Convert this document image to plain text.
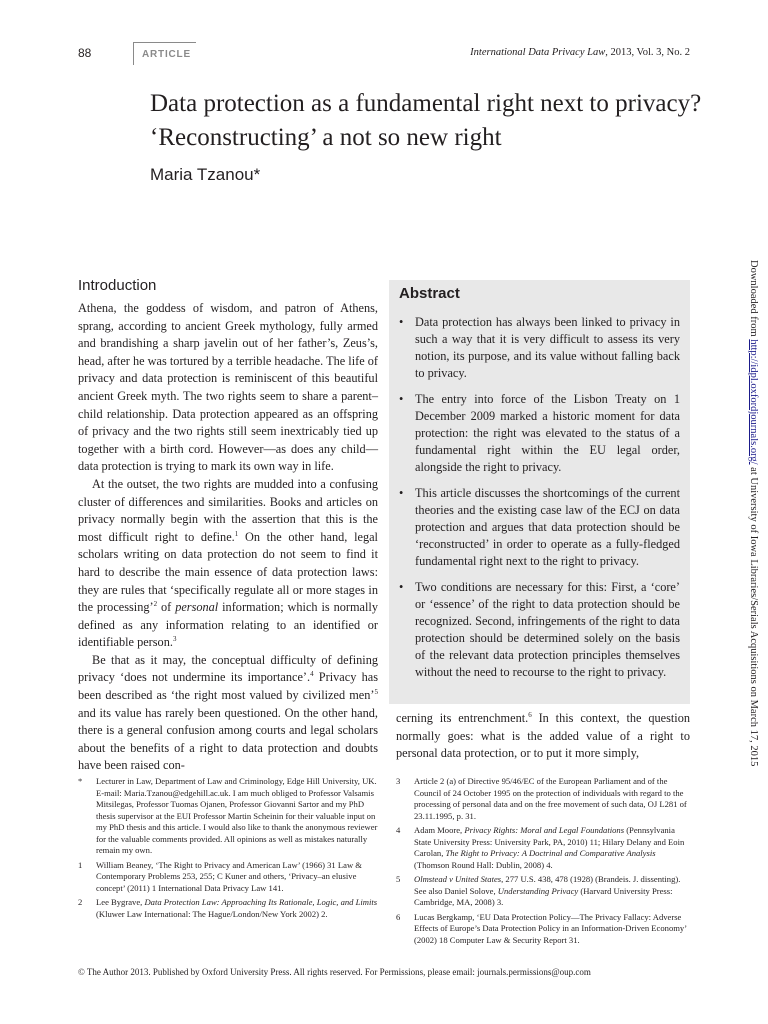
88	ARTICLE	International Data Privacy Law, 2013, Vol. 3, No. 2
Data protection as a fundamental right next to privacy? ‘Reconstructing’ a not so new right
Maria Tzanou*
Introduction

Athena, the goddess of wisdom, and patron of Athens, sprang, according to ancient Greek mythology, fully armed and brandishing a sharp javelin out of her father’s, Zeus’s, head, after he was tortured by a terrible headache. The life of privacy and data protection is reminiscent of this beautiful ancient Greek myth. The two rights seem to share a parent–child relationship. Data protection appeared as an offspring of privacy and the two rights still seem inextricably tied up together with a birth cord. However—as does any child—data protection is trying to mark its own way in life.

At the outset, the two rights are mudded into a confusing cluster of differences and similarities. Books and articles on privacy normally begin with the assertion that this is the most difficult right to define.$^1$ On the other hand, legal scholars writing on data protection do not seem to find it hard to describe the main essence of data protection laws: they are rules that ‘specifically regulate all or more stages in the processing’$^2$ of personal information; which is normally defined as any information relating to an identified or identifiable person.$^3$

Be that as it may, the conceptual difficulty of defining privacy ‘does not undermine its importance’.$^4$ Privacy has been described as ‘the right most valued by civilized men’$^5$ and its value has rarely been questioned. On the other hand, there is a general confusion among courts and legal scholars about the benefits of a right to data protection and doubts have been raised con-

Abstract
• Data protection has always been linked to privacy in such a way that it is very difficult to assess its very notion, its purpose, and its value without falling back to privacy.
• The entry into force of the Lisbon Treaty on 1 December 2009 marked a historic moment for data protection: the right was elevated to the status of a fundamental right within the EU legal order, alongside the right to privacy.
• This article discusses the shortcomings of the current theories and the existing case law of the ECJ on data protection and argues that data protection should be ‘reconstructed’ in order to operate as a fully-fledged fundamental right next to the right to privacy.
• Two conditions are necessary for this: First, a ‘core’ or ‘essence’ of the right to data protection should be recognized. Second, infringements of the right to data protection should be determined solely on the basis of the relevant data protection principles themselves without the need to recourse to the right to privacy.
cerning its entrenchment.$^6$ In this context, the question normally goes: what is the added value of a right to personal data protection, or to put it more simply,
* Lecturer in Law, Department of Law and Criminology, Edge Hill University, UK. E-mail: Maria.Tzanou@edgehill.ac.uk. I am much obliged to Professor Valsamis Mitsilegas, Professor Tuomas Ojanen, Professor Giovanni Sartor and my PhD thesis supervisor at the EUI Professor Martin Scheinin for their valuable input on my PhD thesis and this article. I would also like to thank the anonymous reviewer for the valuable comments provided. All opinions as well as mistakes naturally remain my own.
1 William Beaney, ‘The Right to Privacy and American Law’ (1966) 31 Law & Contemporary Problems 253, 255; C Kuner and others, ‘Privacy–an elusive concept’ (2011) 1 International Data Privacy Law 141.
2 Lee Bygrave, Data Protection Law: Approaching Its Rationale, Logic, and Limits (Kluwer Law International: The Hague/London/New York 2002) 2.
3 Article 2 (a) of Directive 95/46/EC of the European Parliament and of the Council of 24 October 1995 on the protection of individuals with regard to the processing of personal data and on the free movement of such data, OJ L281 of 23.11.1995, p. 31.
4 Adam Moore, Privacy Rights: Moral and Legal Foundations (Pennsylvania State University Press: University Park, PA, 2010) 11; Hilary Delany and Eoin Carolan, The Right to Privacy: A Doctrinal and Comparative Analysis (Thomson Round Hall: Dublin, 2008) 4.
5 Olmstead v United States, 277 U.S. 438, 478 (1928) (Brandeis. J. dissenting). See also Daniel Solove, Understanding Privacy (Harvard University Press: Cambridge, MA, 2008) 3.
6 Lucas Bergkamp, ‘EU Data Protection Policy—The Privacy Fallacy: Adverse Effects of Europe’s Data Protection Policy in an Information-Driven Economy’ (2002) 18 Computer Law & Security Report 31.
© The Author 2013. Published by Oxford University Press. All rights reserved. For Permissions, please email: journals.permissions@oup.com
Downloaded from http://idpl.oxfordjournals.org/ at University of Iowa Libraries/Serials Acquisitions on March 17, 2015
